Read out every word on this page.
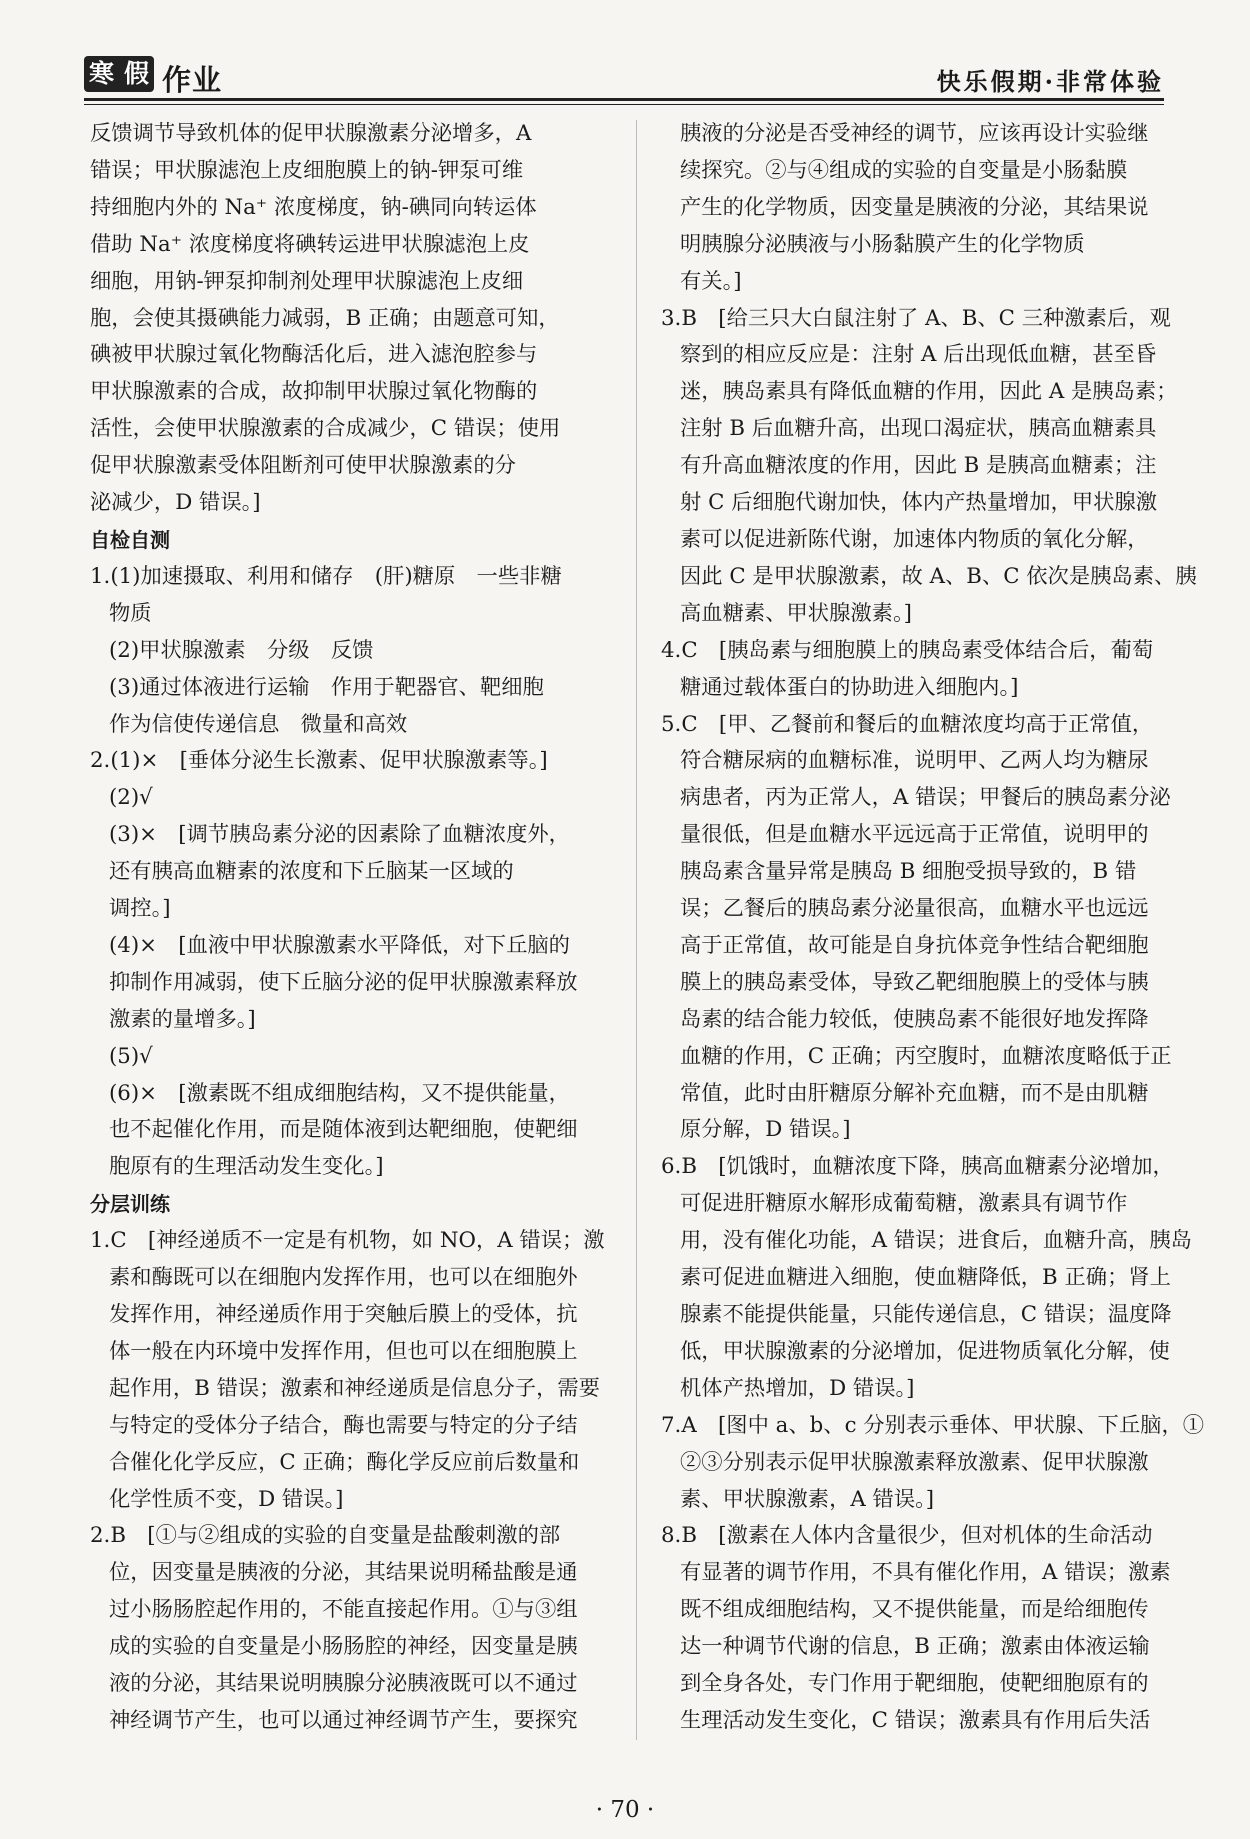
寒 假 作业	快乐假期·非常体验

反馈调节导致机体的促甲状腺激素分泌增多，A

错误；甲状腺滤泡上皮细胞膜上的钠-钾泵可维

持细胞内外的 Na⁺ 浓度梯度，钠-碘同向转运体

借助 Na⁺ 浓度梯度将碘转运进甲状腺滤泡上皮

细胞，用钠-钾泵抑制剂处理甲状腺滤泡上皮细

胞，会使其摄碘能力减弱，B 正确；由题意可知，

碘被甲状腺过氧化物酶活化后，进入滤泡腔参与

甲状腺激素的合成，故抑制甲状腺过氧化物酶的

活性，会使甲状腺激素的合成减少，C 错误；使用

促甲状腺激素受体阻断剂可使甲状腺激素的分

泌减少，D 错误。]

自检自测

1.(1)加速摄取、利用和储存　(肝)糖原　一些非糖

物质

(2)甲状腺激素　分级　反馈

(3)通过体液进行运输　作用于靶器官、靶细胞

作为信使传递信息　微量和高效

2.(1)×　[垂体分泌生长激素、促甲状腺激素等。]

(2)√

(3)×　[调节胰岛素分泌的因素除了血糖浓度外，

还有胰高血糖素的浓度和下丘脑某一区域的

调控。]

(4)×　[血液中甲状腺激素水平降低，对下丘脑的

抑制作用减弱，使下丘脑分泌的促甲状腺激素释放

激素的量增多。]

(5)√

(6)×　[激素既不组成细胞结构，又不提供能量，

也不起催化作用，而是随体液到达靶细胞，使靶细

胞原有的生理活动发生变化。]

分层训练

1.C　[神经递质不一定是有机物，如 NO，A 错误；激

素和酶既可以在细胞内发挥作用，也可以在细胞外

发挥作用，神经递质作用于突触后膜上的受体，抗

体一般在内环境中发挥作用，但也可以在细胞膜上

起作用，B 错误；激素和神经递质是信息分子，需要

与特定的受体分子结合，酶也需要与特定的分子结

合催化化学反应，C 正确；酶化学反应前后数量和

化学性质不变，D 错误。]

2.B　[①与②组成的实验的自变量是盐酸刺激的部

位，因变量是胰液的分泌，其结果说明稀盐酸是通

过小肠肠腔起作用的，不能直接起作用。①与③组

成的实验的自变量是小肠肠腔的神经，因变量是胰

液的分泌，其结果说明胰腺分泌胰液既可以不通过

神经调节产生，也可以通过神经调节产生，要探究

胰液的分泌是否受神经的调节，应该再设计实验继

续探究。②与④组成的实验的自变量是小肠黏膜

产生的化学物质，因变量是胰液的分泌，其结果说

明胰腺分泌胰液与小肠黏膜产生的化学物质

有关。]

3.B　[给三只大白鼠注射了 A、B、C 三种激素后，观

察到的相应反应是：注射 A 后出现低血糖，甚至昏

迷，胰岛素具有降低血糖的作用，因此 A 是胰岛素；

注射 B 后血糖升高，出现口渴症状，胰高血糖素具

有升高血糖浓度的作用，因此 B 是胰高血糖素；注

射 C 后细胞代谢加快，体内产热量增加，甲状腺激

素可以促进新陈代谢，加速体内物质的氧化分解，

因此 C 是甲状腺激素，故 A、B、C 依次是胰岛素、胰

高血糖素、甲状腺激素。]

4.C　[胰岛素与细胞膜上的胰岛素受体结合后，葡萄

糖通过载体蛋白的协助进入细胞内。]

5.C　[甲、乙餐前和餐后的血糖浓度均高于正常值，

符合糖尿病的血糖标准，说明甲、乙两人均为糖尿

病患者，丙为正常人，A 错误；甲餐后的胰岛素分泌

量很低，但是血糖水平远远高于正常值，说明甲的

胰岛素含量异常是胰岛 B 细胞受损导致的，B 错

误；乙餐后的胰岛素分泌量很高，血糖水平也远远

高于正常值，故可能是自身抗体竞争性结合靶细胞

膜上的胰岛素受体，导致乙靶细胞膜上的受体与胰

岛素的结合能力较低，使胰岛素不能很好地发挥降

血糖的作用，C 正确；丙空腹时，血糖浓度略低于正

常值，此时由肝糖原分解补充血糖，而不是由肌糖

原分解，D 错误。]

6.B　[饥饿时，血糖浓度下降，胰高血糖素分泌增加，

可促进肝糖原水解形成葡萄糖，激素具有调节作

用，没有催化功能，A 错误；进食后，血糖升高，胰岛

素可促进血糖进入细胞，使血糖降低，B 正确；肾上

腺素不能提供能量，只能传递信息，C 错误；温度降

低，甲状腺激素的分泌增加，促进物质氧化分解，使

机体产热增加，D 错误。]

7.A　[图中 a、b、c 分别表示垂体、甲状腺、下丘脑，①

②③分别表示促甲状腺激素释放激素、促甲状腺激

素、甲状腺激素，A 错误。]

8.B　[激素在人体内含量很少，但对机体的生命活动

有显著的调节作用，不具有催化作用，A 错误；激素

既不组成细胞结构，又不提供能量，而是给细胞传

达一种调节代谢的信息，B 正确；激素由体液运输

到全身各处，专门作用于靶细胞，使靶细胞原有的

生理活动发生变化，C 错误；激素具有作用后失活

· 70 ·
